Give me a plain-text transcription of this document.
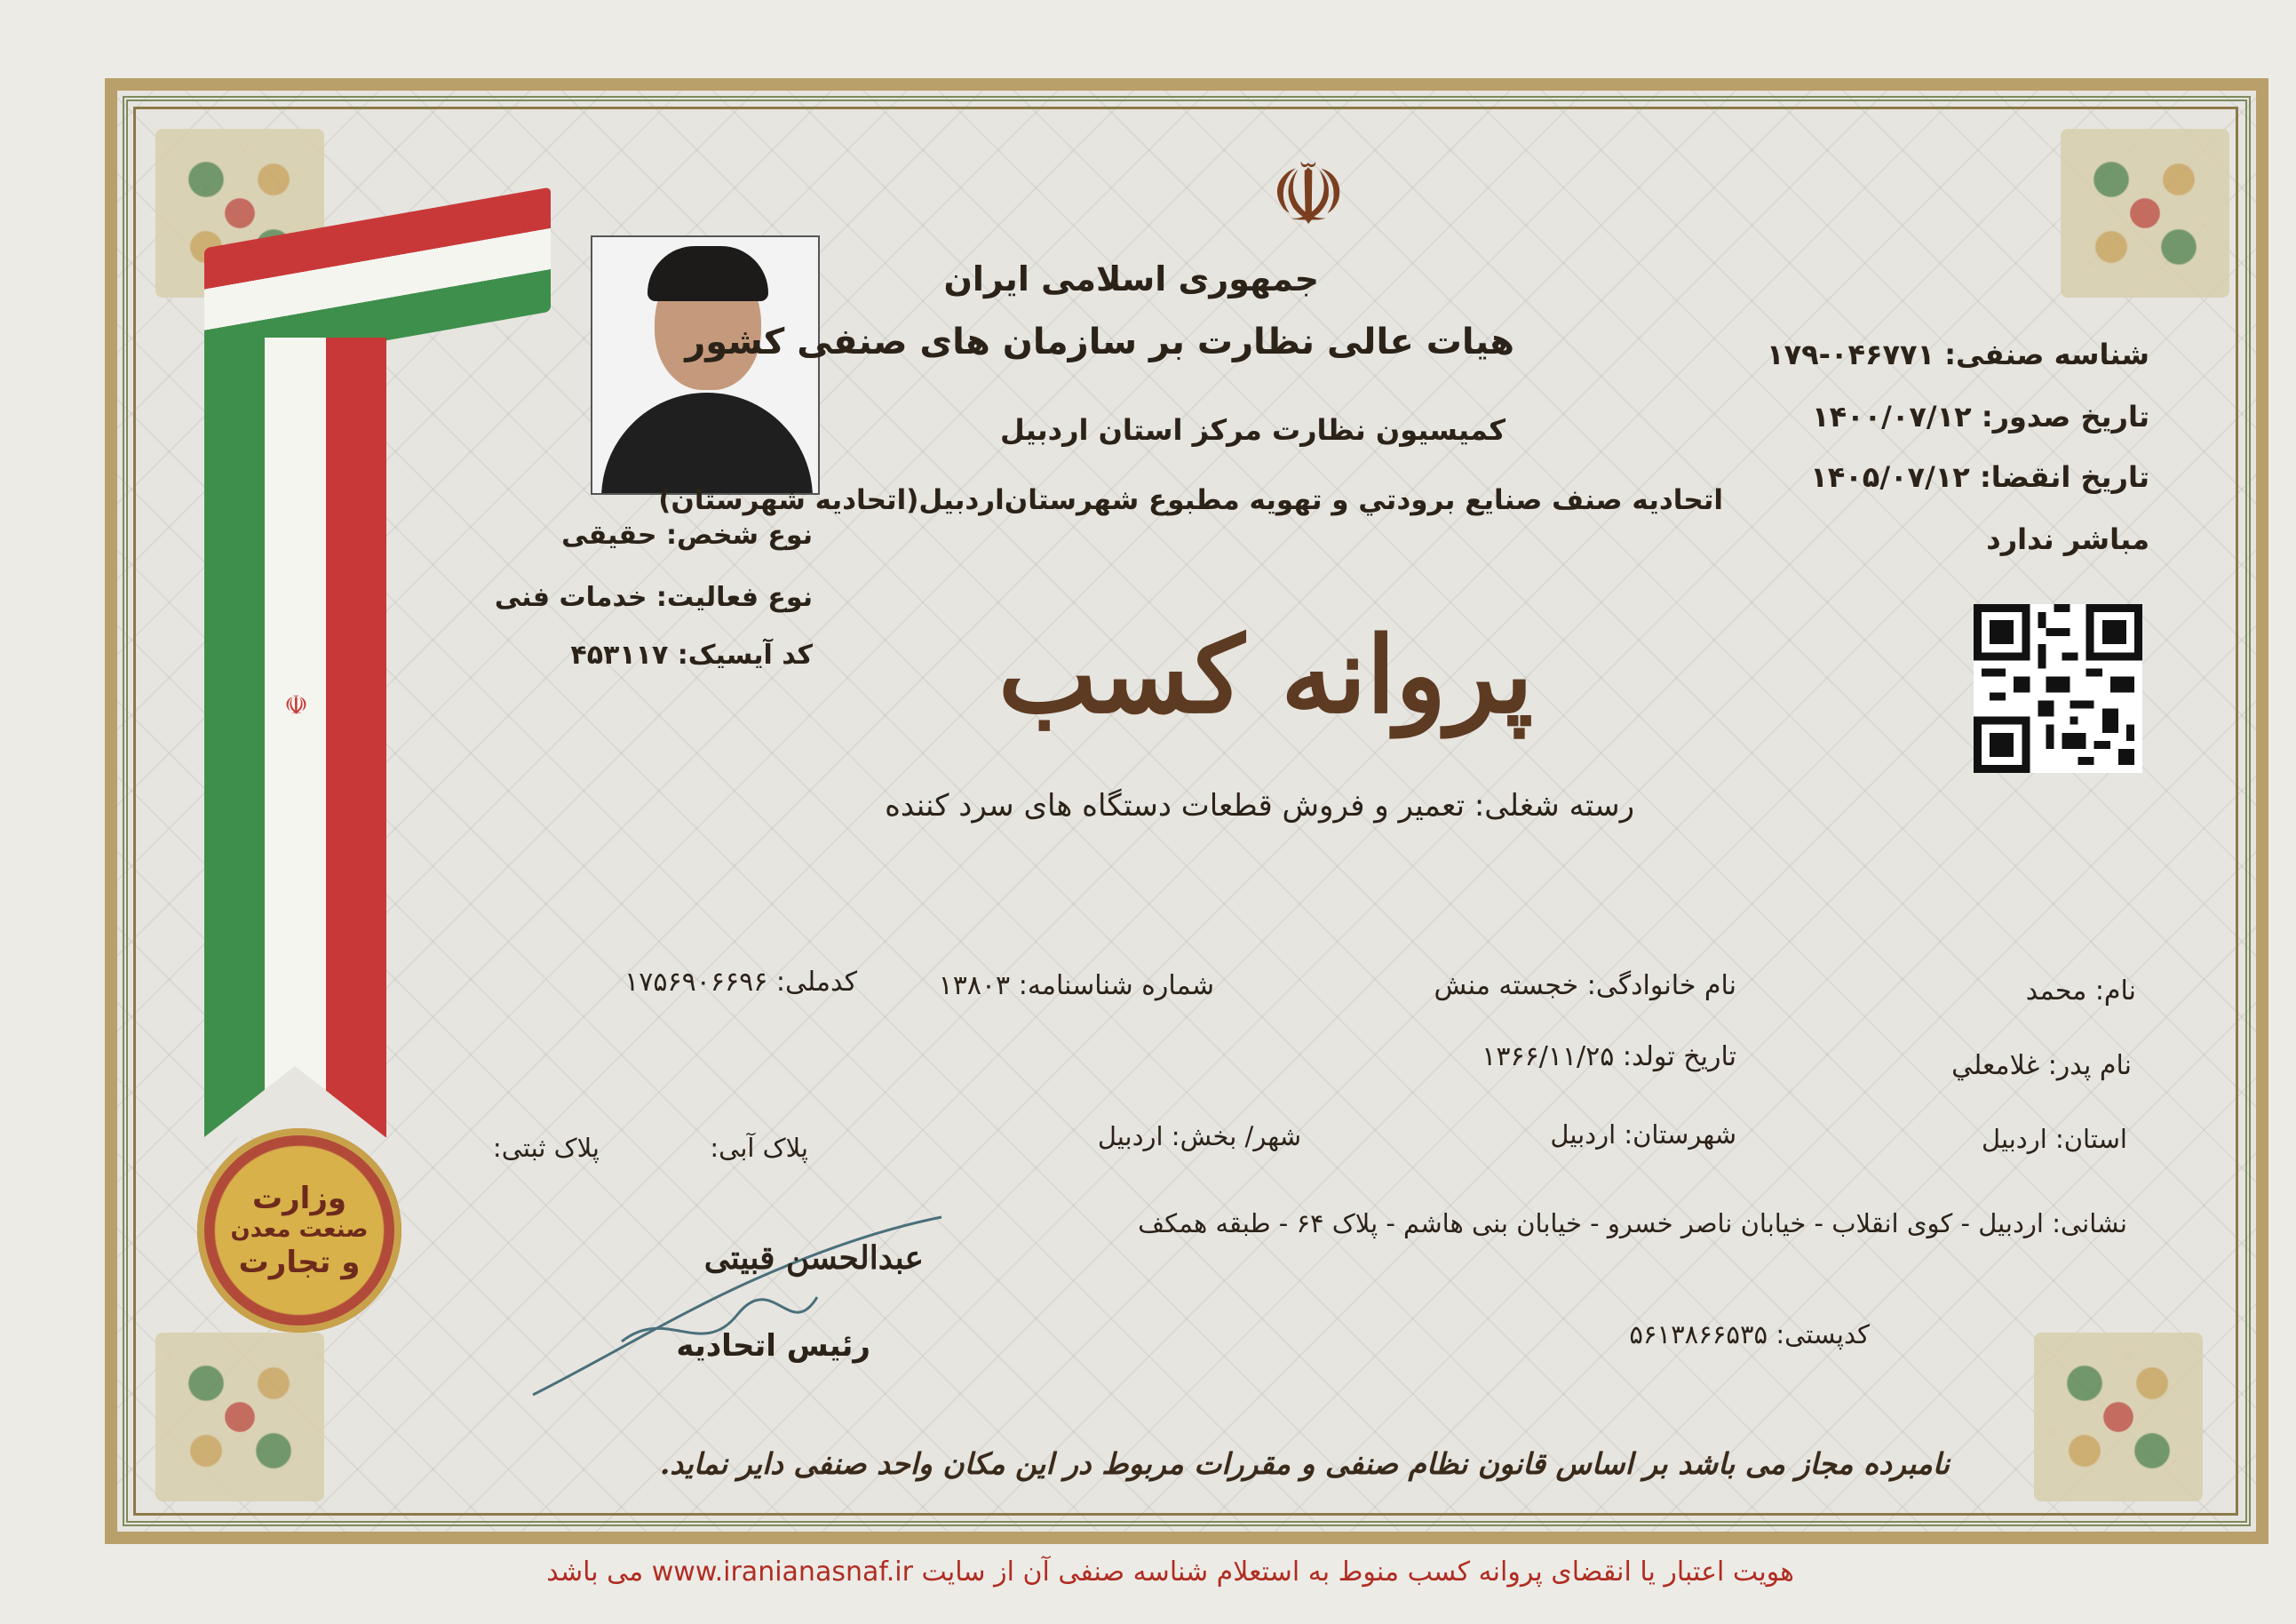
☫
وزارت
صنعت معدن
و تجارت
☫
جمهوری اسلامی ایران
هیات عالی نظارت بر سازمان های صنفی کشور
کمیسیون نظارت مرکز استان اردبیل
اتحادیه صنف صنایع برودتي و تهویه مطبوع شهرستان‌اردبيل(اتحادیه شهرستان)
شناسه صنفی: ۰۴۶۷۷۱-۱۷۹
تاریخ صدور: ۱۴۰۰/۰۷/۱۲
تاریخ انقضا: ۱۴۰۵/۰۷/۱۲
مباشر ندارد
نوع شخص: حقیقی
نوع فعالیت: خدمات فنی
کد آیسیک: ۴۵۳۱۱۷ پروانه کسب
رسته شغلی: تعمیر و فروش قطعات دستگاه های سرد کننده
نام: محمد
نام خانوادگی: خجسته منش
شماره شناسنامه: ۱۳۸۰۳
کدملی: ۱۷۵۶۹۰۶۶۹۶
نام پدر: غلامعلي
تاریخ تولد: ۱۳۶۶/۱۱/۲۵
استان: اردبیل
شهرستان: اردبیل
شهر/ بخش: اردبیل
پلاک آبی:
پلاک ثبتی:
نشانی: اردبیل - کوی انقلاب - خیابان ناصر خسرو - خیابان بنی هاشم - پلاک ۶۴ - طبقه همکف
کدپستی: ۵۶۱۳۸۶۶۵۳۵
عبدالحسن قبیتی
رئیس اتحادیه
نامبرده مجاز می باشد بر اساس قانون نظام صنفی و مقررات مربوط در این مکان واحد صنفی دایر نماید.
هویت اعتبار یا انقضای پروانه کسب منوط به استعلام شناسه صنفی آن از سایت www.iranianasnaf.ir می باشد
